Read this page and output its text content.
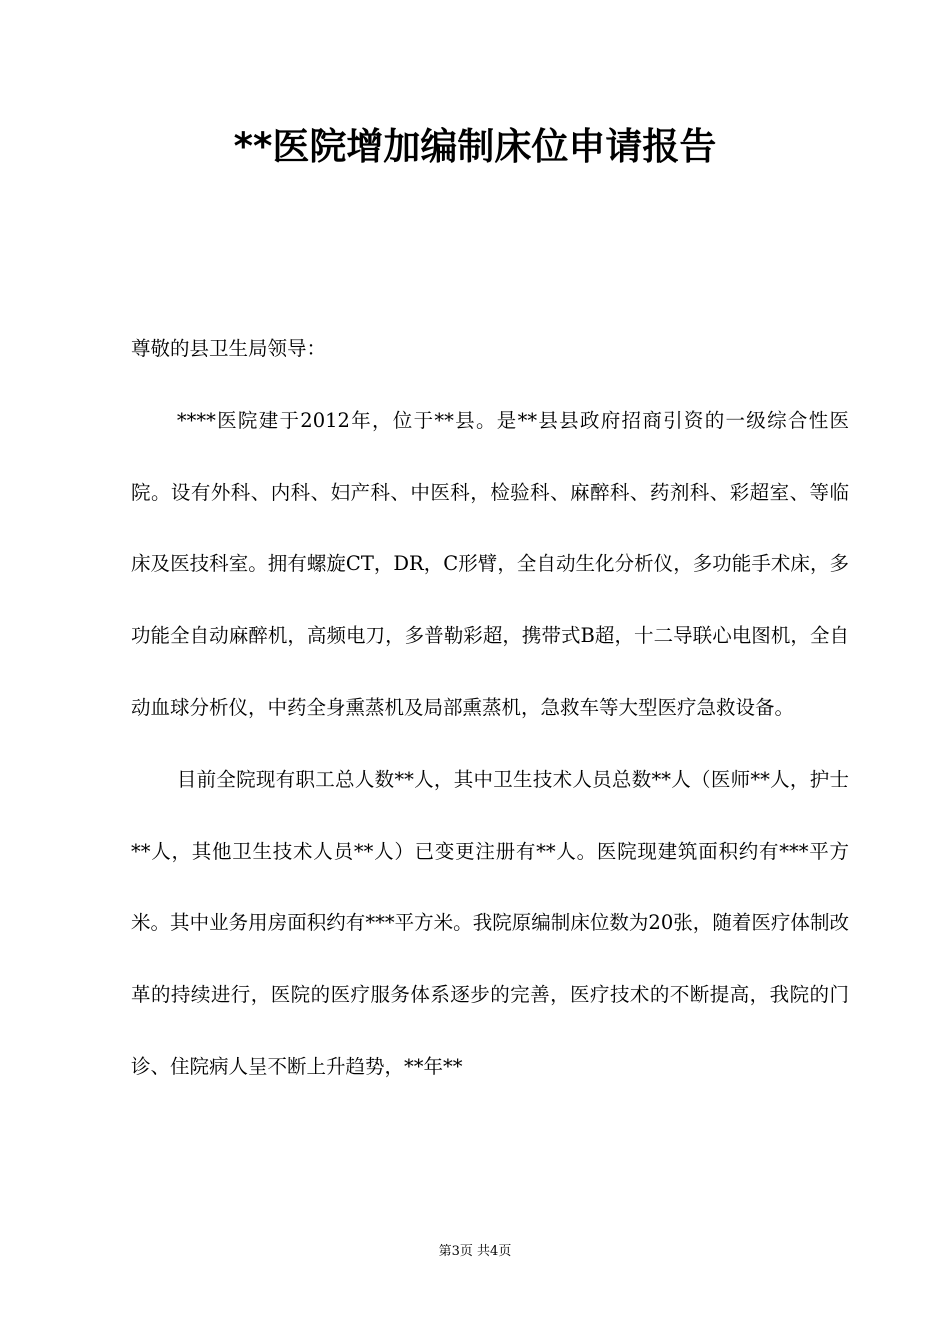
**医院增加编制床位申请报告

尊敬的县卫生局领导：

****医院建于2012年，位于**县。是**县县政府招商引资的一级综合性医院。设有外科、内科、妇产科、中医科，检验科、麻醉科、药剂科、彩超室、等临床及医技科室。拥有螺旋CT，DR，C形臂，全自动生化分析仪，多功能手术床，多功能全自动麻醉机，高频电刀，多普勒彩超，携带式B超，十二导联心电图机，全自动血球分析仪，中药全身熏蒸机及局部熏蒸机，急救车等大型医疗急救设备。

目前全院现有职工总人数**人，其中卫生技术人员总数**人（医师**人，护士**人，其他卫生技术人员**人）已变更注册有**人。医院现建筑面积约有***平方米。其中业务用房面积约有***平方米。我院原编制床位数为20张，随着医疗体制改革的持续进行，医院的医疗服务体系逐步的完善，医疗技术的不断提高，我院的门诊、住院病人呈不断上升趋势，**年**

第3页 共4页
